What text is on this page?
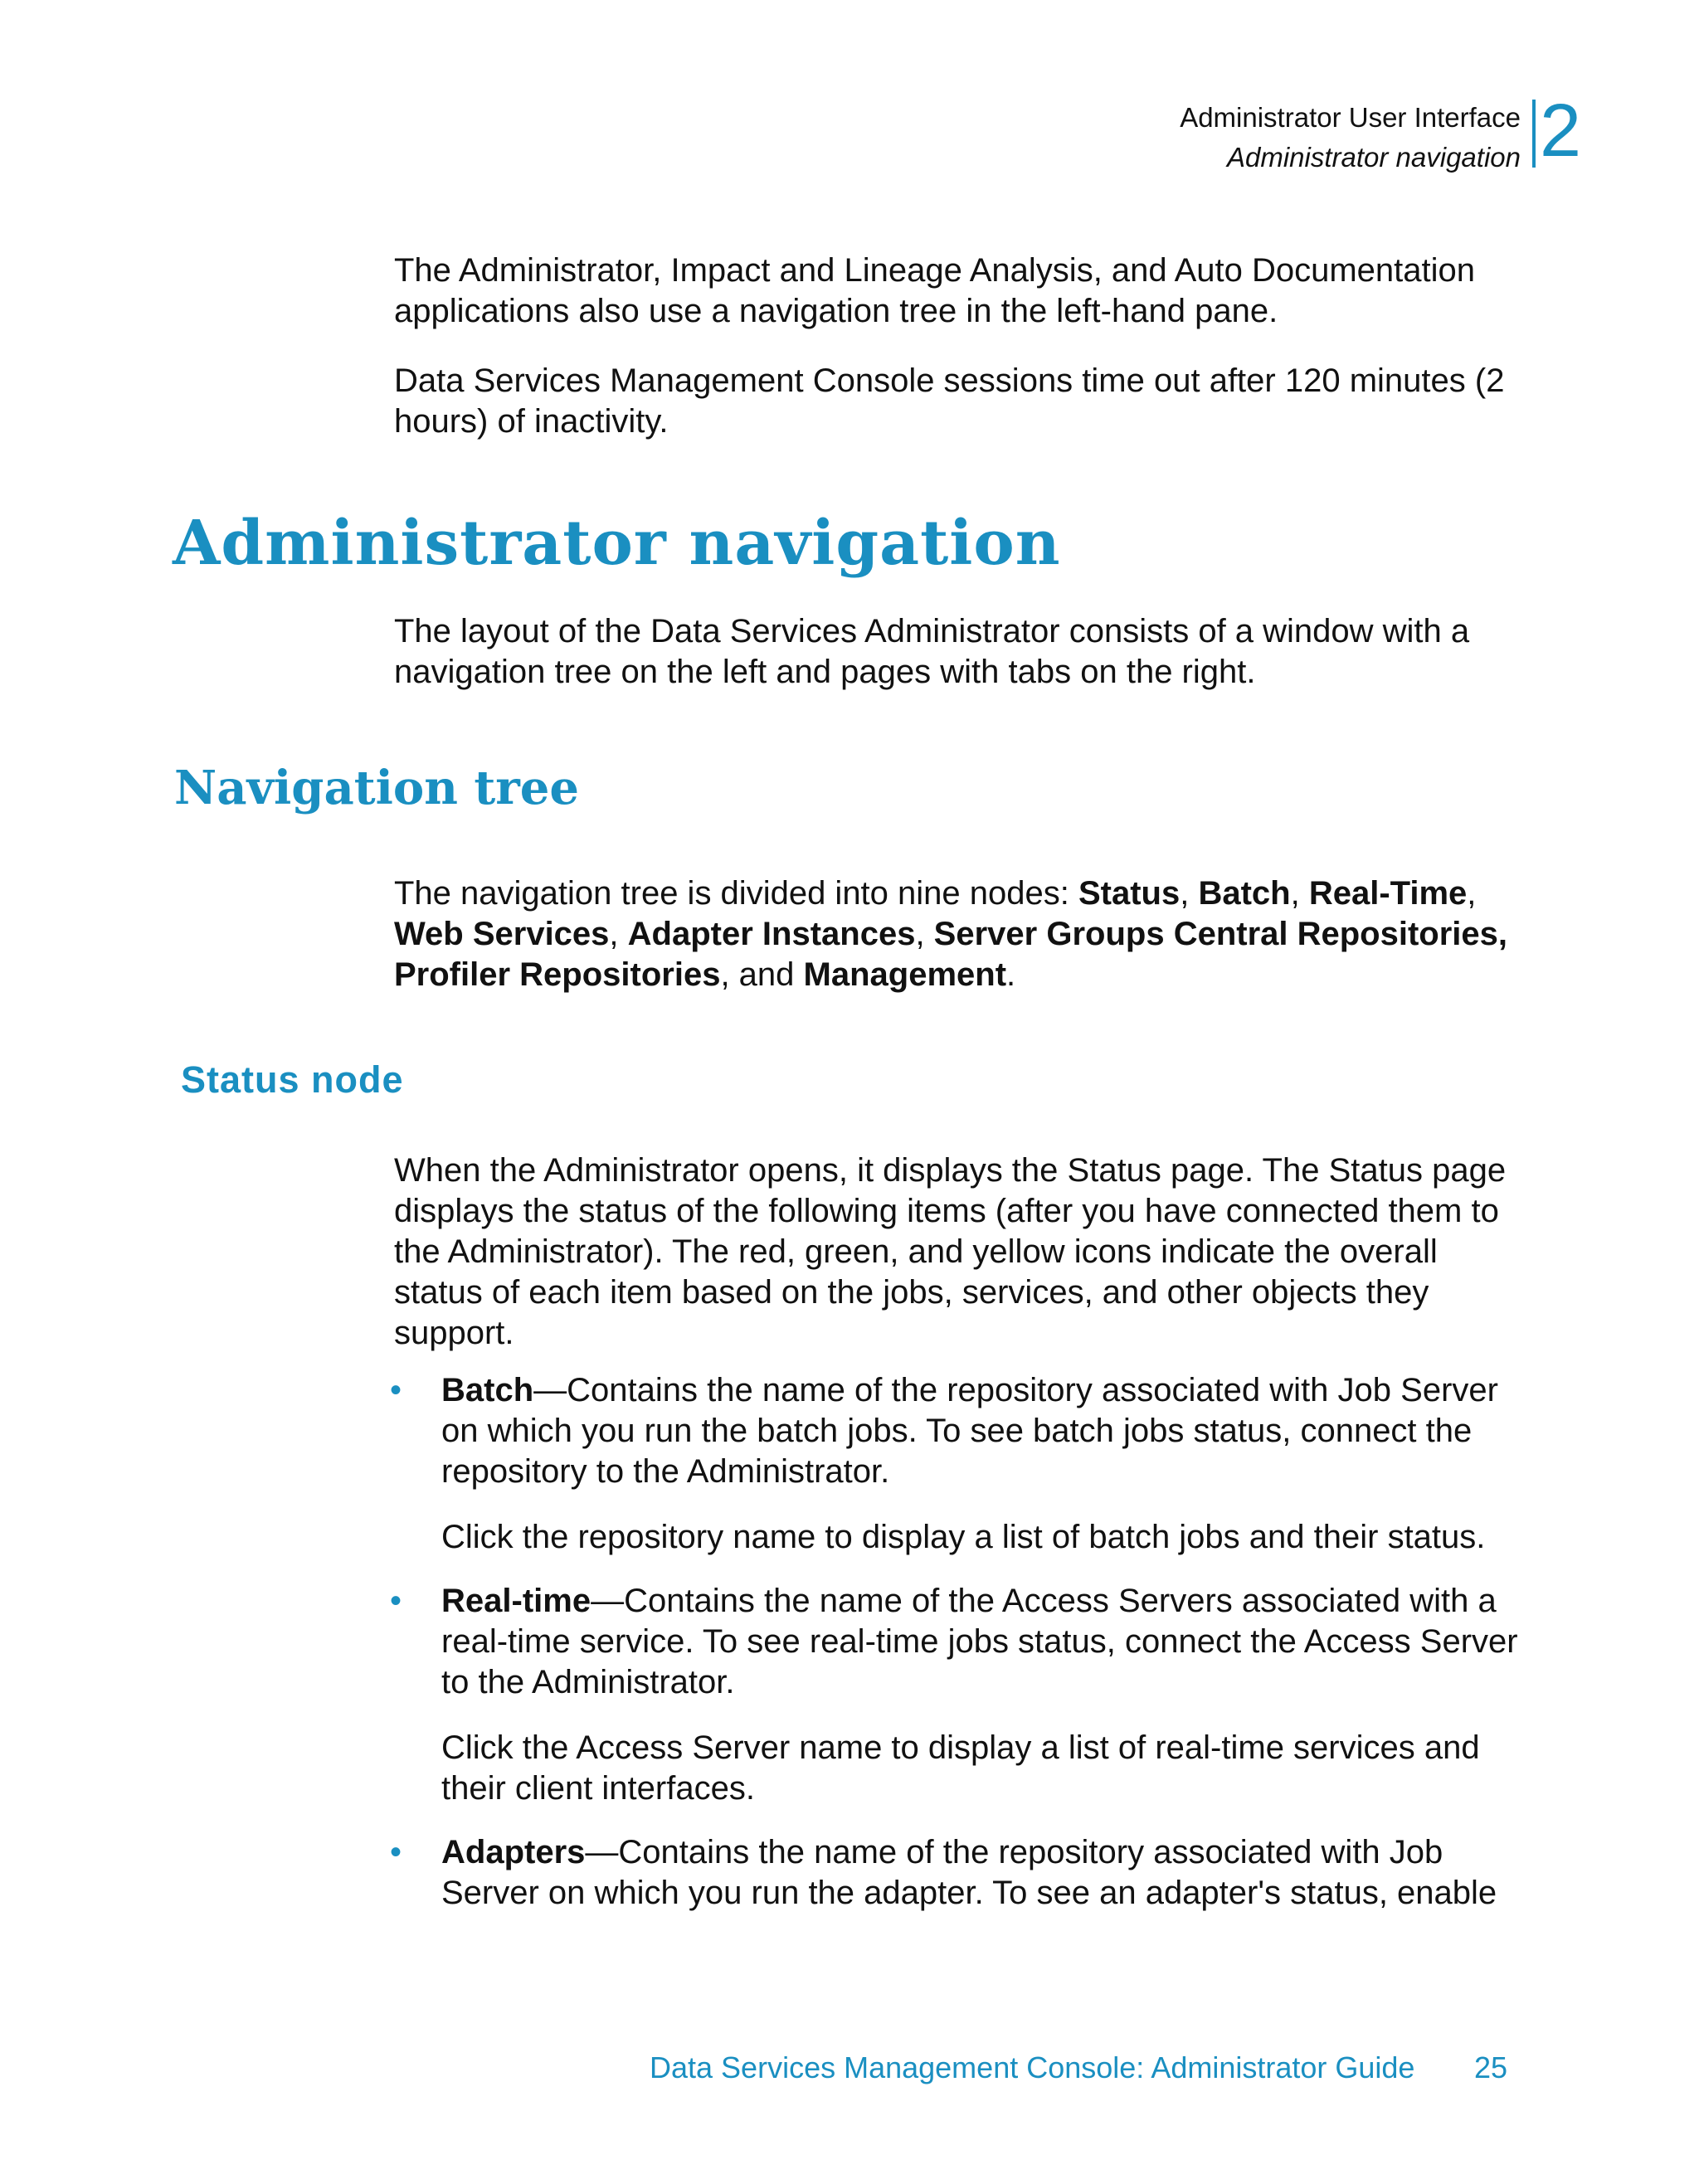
Administrator User Interface
Administrator navigation 2

The Administrator, Impact and Lineage Analysis, and Auto Documentation applications also use a navigation tree in the left-hand pane.

Data Services Management Console sessions time out after 120 minutes (2 hours) of inactivity.

Administrator navigation

The layout of the Data Services Administrator consists of a window with a navigation tree on the left and pages with tabs on the right.

Navigation tree

The navigation tree is divided into nine nodes: Status, Batch, Real-Time, Web Services, Adapter Instances, Server Groups Central Repositories, Profiler Repositories, and Management.

Status node

When the Administrator opens, it displays the Status page. The Status page displays the status of the following items (after you have connected them to the Administrator). The red, green, and yellow icons indicate the overall status of each item based on the jobs, services, and other objects they support.

• Batch—Contains the name of the repository associated with Job Server on which you run the batch jobs. To see batch jobs status, connect the repository to the Administrator.

Click the repository name to display a list of batch jobs and their status.

• Real-time—Contains the name of the Access Servers associated with a real-time service. To see real-time jobs status, connect the Access Server to the Administrator.

Click the Access Server name to display a list of real-time services and their client interfaces.

• Adapters—Contains the name of the repository associated with Job Server on which you run the adapter. To see an adapter's status, enable

Data Services Management Console: Administrator Guide 25
